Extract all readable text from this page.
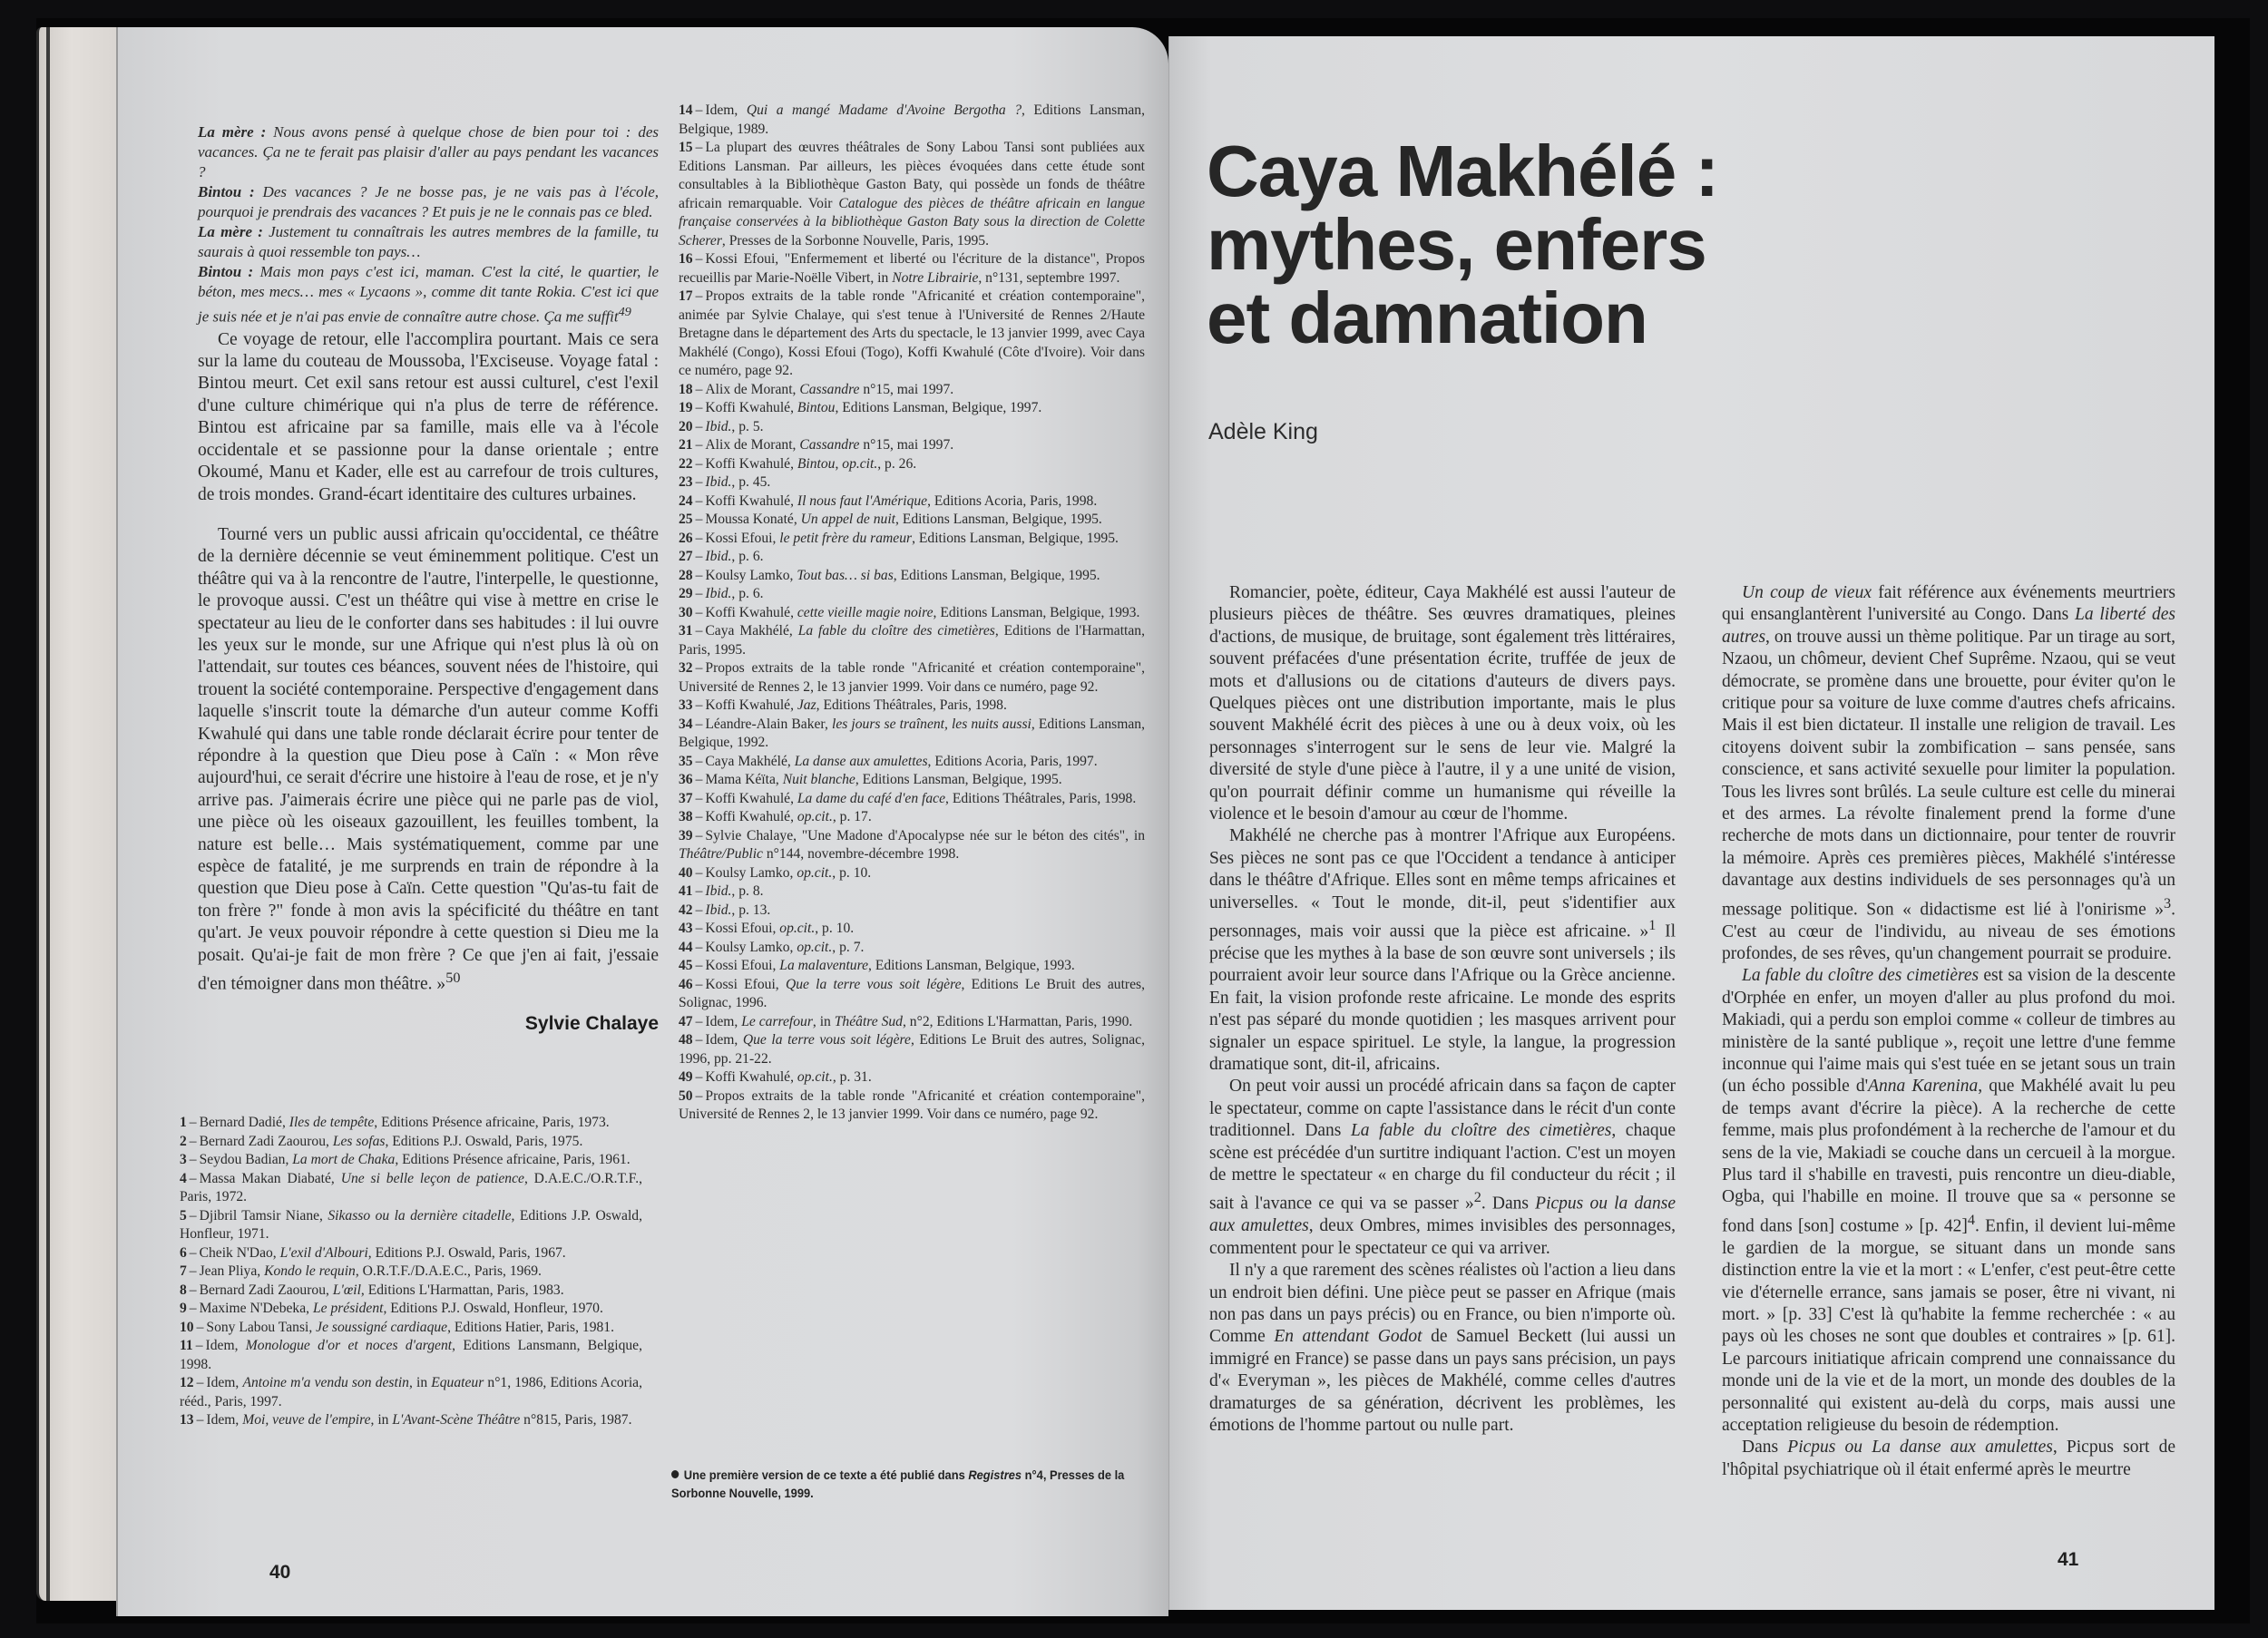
La mère : Nous avons pensé à quelque chose de bien pour toi : des vacances. Ça ne te ferait pas plaisir d'aller au pays pendant les vacances ?

Bintou : Des vacances ? Je ne bosse pas, je ne vais pas à l'école, pourquoi je prendrais des vacances ? Et puis je ne le connais pas ce bled.

La mère : Justement tu connaîtrais les autres membres de la famille, tu saurais à quoi ressemble ton pays…

Bintou : Mais mon pays c'est ici, maman. C'est la cité, le quartier, le béton, mes mecs… mes « Lycaons », comme dit tante Rokia. C'est ici que je suis née et je n'ai pas envie de connaître autre chose. Ça me suffit$^{49}$

Ce voyage de retour, elle l'accomplira pourtant. Mais ce sera sur la lame du couteau de Moussoba, l'Exciseuse. Voyage fatal : Bintou meurt. Cet exil sans retour est aussi culturel, c'est l'exil d'une culture chimérique qui n'a plus de terre de référence. Bintou est africaine par sa famille, mais elle va à l'école occidentale et se passionne pour la danse orientale ; entre Okoumé, Manu et Kader, elle est au carrefour de trois cultures, de trois mondes. Grand-écart identitaire des cultures urbaines.

Tourné vers un public aussi africain qu'occidental, ce théâtre de la dernière décennie se veut éminemment politique. C'est un théâtre qui va à la rencontre de l'autre, l'interpelle, le questionne, le provoque aussi. C'est un théâtre qui vise à mettre en crise le spectateur au lieu de le conforter dans ses habitudes : il lui ouvre les yeux sur le monde, sur une Afrique qui n'est plus là où on l'attendait, sur toutes ces béances, souvent nées de l'histoire, qui trouent la société contemporaine. Perspective d'engagement dans laquelle s'inscrit toute la démarche d'un auteur comme Koffi Kwahulé qui dans une table ronde déclarait écrire pour tenter de répondre à la question que Dieu pose à Caïn : « Mon rêve aujourd'hui, ce serait d'écrire une histoire à l'eau de rose, et je n'y arrive pas. J'aimerais écrire une pièce qui ne parle pas de viol, une pièce où les oiseaux gazouillent, les feuilles tombent, la nature est belle… Mais systématiquement, comme par une espèce de fatalité, je me surprends en train de répondre à la question que Dieu pose à Caïn. Cette question "Qu'as-tu fait de ton frère ?" fonde à mon avis la spécificité du théâtre en tant qu'art. Je veux pouvoir répondre à cette question si Dieu me la posait. Qu'ai-je fait de mon frère ? Ce que j'en ai fait, j'essaie d'en témoigner dans mon théâtre. »$^{50}$

Sylvie Chalaye

1 – Bernard Dadié, Iles de tempête, Editions Présence africaine, Paris, 1973.

2 – Bernard Zadi Zaourou, Les sofas, Editions P.J. Oswald, Paris, 1975.

3 – Seydou Badian, La mort de Chaka, Editions Présence africaine, Paris, 1961.

4 – Massa Makan Diabaté, Une si belle leçon de patience, D.A.E.C./O.R.T.F., Paris, 1972.

5 – Djibril Tamsir Niane, Sikasso ou la dernière citadelle, Editions J.P. Oswald, Honfleur, 1971.

6 – Cheik N'Dao, L'exil d'Albouri, Editions P.J. Oswald, Paris, 1967.

7 – Jean Pliya, Kondo le requin, O.R.T.F./D.A.E.C., Paris, 1969.

8 – Bernard Zadi Zaourou, L'œil, Editions L'Harmattan, Paris, 1983.

9 – Maxime N'Debeka, Le président, Editions P.J. Oswald, Honfleur, 1970.

10 – Sony Labou Tansi, Je soussigné cardiaque, Editions Hatier, Paris, 1981.

11 – Idem, Monologue d'or et noces d'argent, Editions Lansmann, Belgique, 1998.

12 – Idem, Antoine m'a vendu son destin, in Equateur n°1, 1986, Editions Acoria, rééd., Paris, 1997.

13 – Idem, Moi, veuve de l'empire, in L'Avant-Scène Théâtre n°815, Paris, 1987.

14 – Idem, Qui a mangé Madame d'Avoine Bergotha ?, Editions Lansman, Belgique, 1989.

15 – La plupart des œuvres théâtrales de Sony Labou Tansi sont publiées aux Editions Lansman. Par ailleurs, les pièces évoquées dans cette étude sont consultables à la Bibliothèque Gaston Baty, qui possède un fonds de théâtre africain remarquable. Voir Catalogue des pièces de théâtre africain en langue française conservées à la bibliothèque Gaston Baty sous la direction de Colette Scherer, Presses de la Sorbonne Nouvelle, Paris, 1995.

16 – Kossi Efoui, "Enfermement et liberté ou l'écriture de la distance", Propos recueillis par Marie-Noëlle Vibert, in Notre Librairie, n°131, septembre 1997.

17 – Propos extraits de la table ronde "Africanité et création contemporaine", animée par Sylvie Chalaye, qui s'est tenue à l'Université de Rennes 2/Haute Bretagne dans le département des Arts du spectacle, le 13 janvier 1999, avec Caya Makhélé (Congo), Kossi Efoui (Togo), Koffi Kwahulé (Côte d'Ivoire). Voir dans ce numéro, page 92.

18 – Alix de Morant, Cassandre n°15, mai 1997.

19 – Koffi Kwahulé, Bintou, Editions Lansman, Belgique, 1997.

20 – Ibid., p. 5.

21 – Alix de Morant, Cassandre n°15, mai 1997.

22 – Koffi Kwahulé, Bintou, op.cit., p. 26.

23 – Ibid., p. 45.

24 – Koffi Kwahulé, Il nous faut l'Amérique, Editions Acoria, Paris, 1998.

25 – Moussa Konaté, Un appel de nuit, Editions Lansman, Belgique, 1995.

26 – Kossi Efoui, le petit frère du rameur, Editions Lansman, Belgique, 1995.

27 – Ibid., p. 6.

28 – Koulsy Lamko, Tout bas… si bas, Editions Lansman, Belgique, 1995.

29 – Ibid., p. 6.

30 – Koffi Kwahulé, cette vieille magie noire, Editions Lansman, Belgique, 1993.

31 – Caya Makhélé, La fable du cloître des cimetières, Editions de l'Harmattan, Paris, 1995.

32 – Propos extraits de la table ronde "Africanité et création contemporaine", Université de Rennes 2, le 13 janvier 1999. Voir dans ce numéro, page 92.

33 – Koffi Kwahulé, Jaz, Editions Théâtrales, Paris, 1998.

34 – Léandre-Alain Baker, les jours se traînent, les nuits aussi, Editions Lansman, Belgique, 1992.

35 – Caya Makhélé, La danse aux amulettes, Editions Acoria, Paris, 1997.

36 – Mama Kéïta, Nuit blanche, Editions Lansman, Belgique, 1995.

37 – Koffi Kwahulé, La dame du café d'en face, Editions Théâtrales, Paris, 1998.

38 – Koffi Kwahulé, op.cit., p. 17.

39 – Sylvie Chalaye, "Une Madone d'Apocalypse née sur le béton des cités", in Théâtre/Public n°144, novembre-décembre 1998.

40 – Koulsy Lamko, op.cit., p. 10.

41 – Ibid., p. 8.

42 – Ibid., p. 13.

43 – Kossi Efoui, op.cit., p. 10.

44 – Koulsy Lamko, op.cit., p. 7.

45 – Kossi Efoui, La malaventure, Editions Lansman, Belgique, 1993.

46 – Kossi Efoui, Que la terre vous soit légère, Editions Le Bruit des autres, Solignac, 1996.

47 – Idem, Le carrefour, in Théâtre Sud, n°2, Editions L'Harmattan, Paris, 1990.

48 – Idem, Que la terre vous soit légère, Editions Le Bruit des autres, Solignac, 1996, pp. 21-22.

49 – Koffi Kwahulé, op.cit., p. 31.

50 – Propos extraits de la table ronde "Africanité et création contemporaine", Université de Rennes 2, le 13 janvier 1999. Voir dans ce numéro, page 92.

Une première version de ce texte a été publié dans Registres n°4, Presses de la Sorbonne Nouvelle, 1999.
40
Caya Makhélé :
mythes, enfers
et damnation
Adèle King

Romancier, poète, éditeur, Caya Makhélé est aussi l'auteur de plusieurs pièces de théâtre. Ses œuvres dramatiques, pleines d'actions, de musique, de bruitage, sont également très littéraires, souvent préfacées d'une présentation écrite, truffée de jeux de mots et d'allusions ou de citations d'auteurs de divers pays. Quelques pièces ont une distribution importante, mais le plus souvent Makhélé écrit des pièces à une ou à deux voix, où les personnages s'interrogent sur le sens de leur vie. Malgré la diversité de style d'une pièce à l'autre, il y a une unité de vision, qu'on pourrait définir comme un humanisme qui réveille la violence et le besoin d'amour au cœur de l'homme.

Makhélé ne cherche pas à montrer l'Afrique aux Européens. Ses pièces ne sont pas ce que l'Occident a tendance à anticiper dans le théâtre d'Afrique. Elles sont en même temps africaines et universelles. « Tout le monde, dit-il, peut s'identifier aux personnages, mais voir aussi que la pièce est africaine. »$^1$ Il précise que les mythes à la base de son œuvre sont universels ; ils pourraient avoir leur source dans l'Afrique ou la Grèce ancienne. En fait, la vision profonde reste africaine. Le monde des esprits n'est pas séparé du monde quotidien ; les masques arrivent pour signaler un espace spirituel. Le style, la langue, la progression dramatique sont, dit-il, africains.

On peut voir aussi un procédé africain dans sa façon de capter le spectateur, comme on capte l'assistance dans le récit d'un conte traditionnel. Dans La fable du cloître des cimetières, chaque scène est précédée d'un surtitre indiquant l'action. C'est un moyen de mettre le spectateur « en charge du fil conducteur du récit ; il sait à l'avance ce qui va se passer »$^2$. Dans Picpus ou la danse aux amulettes, deux Ombres, mimes invisibles des personnages, commentent pour le spectateur ce qui va arriver.

Il n'y a que rarement des scènes réalistes où l'action a lieu dans un endroit bien défini. Une pièce peut se passer en Afrique (mais non pas dans un pays précis) ou en France, ou bien n'importe où. Comme En attendant Godot de Samuel Beckett (lui aussi un immigré en France) se passe dans un pays sans précision, un pays d'« Everyman », les pièces de Makhélé, comme celles d'autres dramaturges de sa génération, décrivent les problèmes, les émotions de l'homme partout ou nulle part.

Un coup de vieux fait référence aux événements meurtriers qui ensanglantèrent l'université au Congo. Dans La liberté des autres, on trouve aussi un thème politique. Par un tirage au sort, Nzaou, un chômeur, devient Chef Suprême. Nzaou, qui se veut démocrate, se promène dans une brouette, pour éviter qu'on le critique pour sa voiture de luxe comme d'autres chefs africains. Mais il est bien dictateur. Il installe une religion de travail. Les citoyens doivent subir la zombification – sans pensée, sans conscience, et sans activité sexuelle pour limiter la population. Tous les livres sont brûlés. La seule culture est celle du minerai et des armes. La révolte finalement prend la forme d'une recherche de mots dans un dictionnaire, pour tenter de rouvrir la mémoire. Après ces premières pièces, Makhélé s'intéresse davantage aux destins individuels de ses personnages qu'à un message politique. Son « didactisme est lié à l'onirisme »$^3$. C'est au cœur de l'individu, au niveau de ses émotions profondes, de ses rêves, qu'un changement pourrait se produire.

La fable du cloître des cimetières est sa vision de la descente d'Orphée en enfer, un moyen d'aller au plus profond du moi. Makiadi, qui a perdu son emploi comme « colleur de timbres au ministère de la santé publique », reçoit une lettre d'une femme inconnue qui l'aime mais qui s'est tuée en se jetant sous un train (un écho possible d'Anna Karenina, que Makhélé avait lu peu de temps avant d'écrire la pièce). A la recherche de cette femme, mais plus profondément à la recherche de l'amour et du sens de la vie, Makiadi se couche dans un cercueil à la morgue. Plus tard il s'habille en travesti, puis rencontre un dieu-diable, Ogba, qui l'habille en moine. Il trouve que sa « personne se fond dans [son] costume » [p. 42]$^4$. Enfin, il devient lui-même le gardien de la morgue, se situant dans un monde sans distinction entre la vie et la mort : « L'enfer, c'est peut-être cette vie d'éternelle errance, sans jamais se poser, être ni vivant, ni mort. » [p. 33] C'est là qu'habite la femme recherchée : « au pays où les choses ne sont que doubles et contraires » [p. 61]. Le parcours initiatique africain comprend une connaissance du monde uni de la vie et de la mort, un monde des doubles de la personnalité qui existent au-delà du corps, mais aussi une acceptation religieuse du besoin de rédemption.

Dans Picpus ou La danse aux amulettes, Picpus sort de l'hôpital psychiatrique où il était enfermé après le meurtre

41
